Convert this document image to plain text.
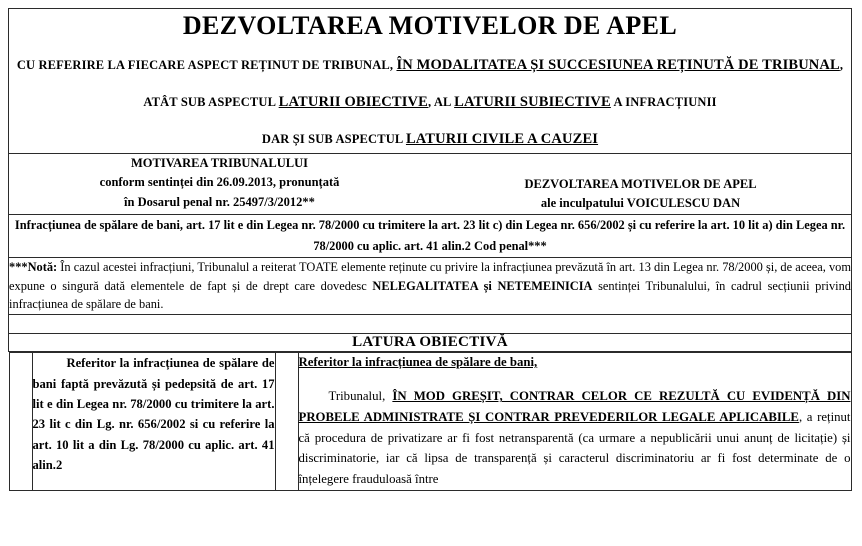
DEZVOLTAREA MOTIVELOR DE APEL
CU REFERIRE LA FIECARE ASPECT REȚINUT DE TRIBUNAL, ÎN MODALITATEA ȘI SUCCESIUNEA REȚINUTĂ DE TRIBUNAL,
ATÂT SUB ASPECTUL LATURII OBIECTIVE, AL LATURII SUBIECTIVE A INFRACȚIUNII
DAR ȘI SUB ASPECTUL LATURII CIVILE A CAUZEI

MOTIVAREA TRIBUNALULUI
conform sentinței din 26.09.2013, pronunțată
în Dosarul penal nr. 25497/3/2012**
DEZVOLTAREA MOTIVELOR DE APEL
ale inculpatului VOICULESCU DAN

Infracțiunea de spălare de bani, art. 17 lit e din Legea nr. 78/2000 cu trimitere la art. 23 lit c) din Legea nr. 656/2002 și cu referire la art. 10 lit a) din Legea nr. 78/2000 cu aplic. art. 41 alin.2 Cod penal***

***Notă: În cazul acestei infracțiuni, Tribunalul a reiterat TOATE elemente reținute cu privire la infracțiunea prevăzută în art. 13 din Legea nr. 78/2000 și, de aceea, vom expune o singură dată elementele de fapt și de drept care dovedesc NELEGALITATEA și NETEMEINICIA sentinței Tribunalului, în cadrul secțiunii privind infracțiunea de spălare de bani.

LATURA OBIECTIVĂ

Referitor la infracțiunea de spălare de bani faptă prevăzută și pedepsită de art. 17 lit e din Legea nr. 78/2000 cu trimitere la art. 23 lit c din Lg. nr. 656/2002 si cu referire la art. 10 lit a din Lg. 78/2000 cu aplic. art. 41 alin.2

Referitor la infracțiunea de spălare de bani,

Tribunalul, ÎN MOD GREȘIT, CONTRAR CELOR CE REZULTĂ CU EVIDENȚĂ DIN PROBELE ADMINISTRATE ȘI CONTRAR PREVEDERILOR LEGALE APLICABILE, a reținut că procedura de privatizare ar fi fost netransparentă (ca urmare a nepublicării unui anunț de licitație) și discriminatorie, iar că lipsa de transparență și caracterul discriminatoriu ar fi fost determinate de o înțelegere frauduloasă între
